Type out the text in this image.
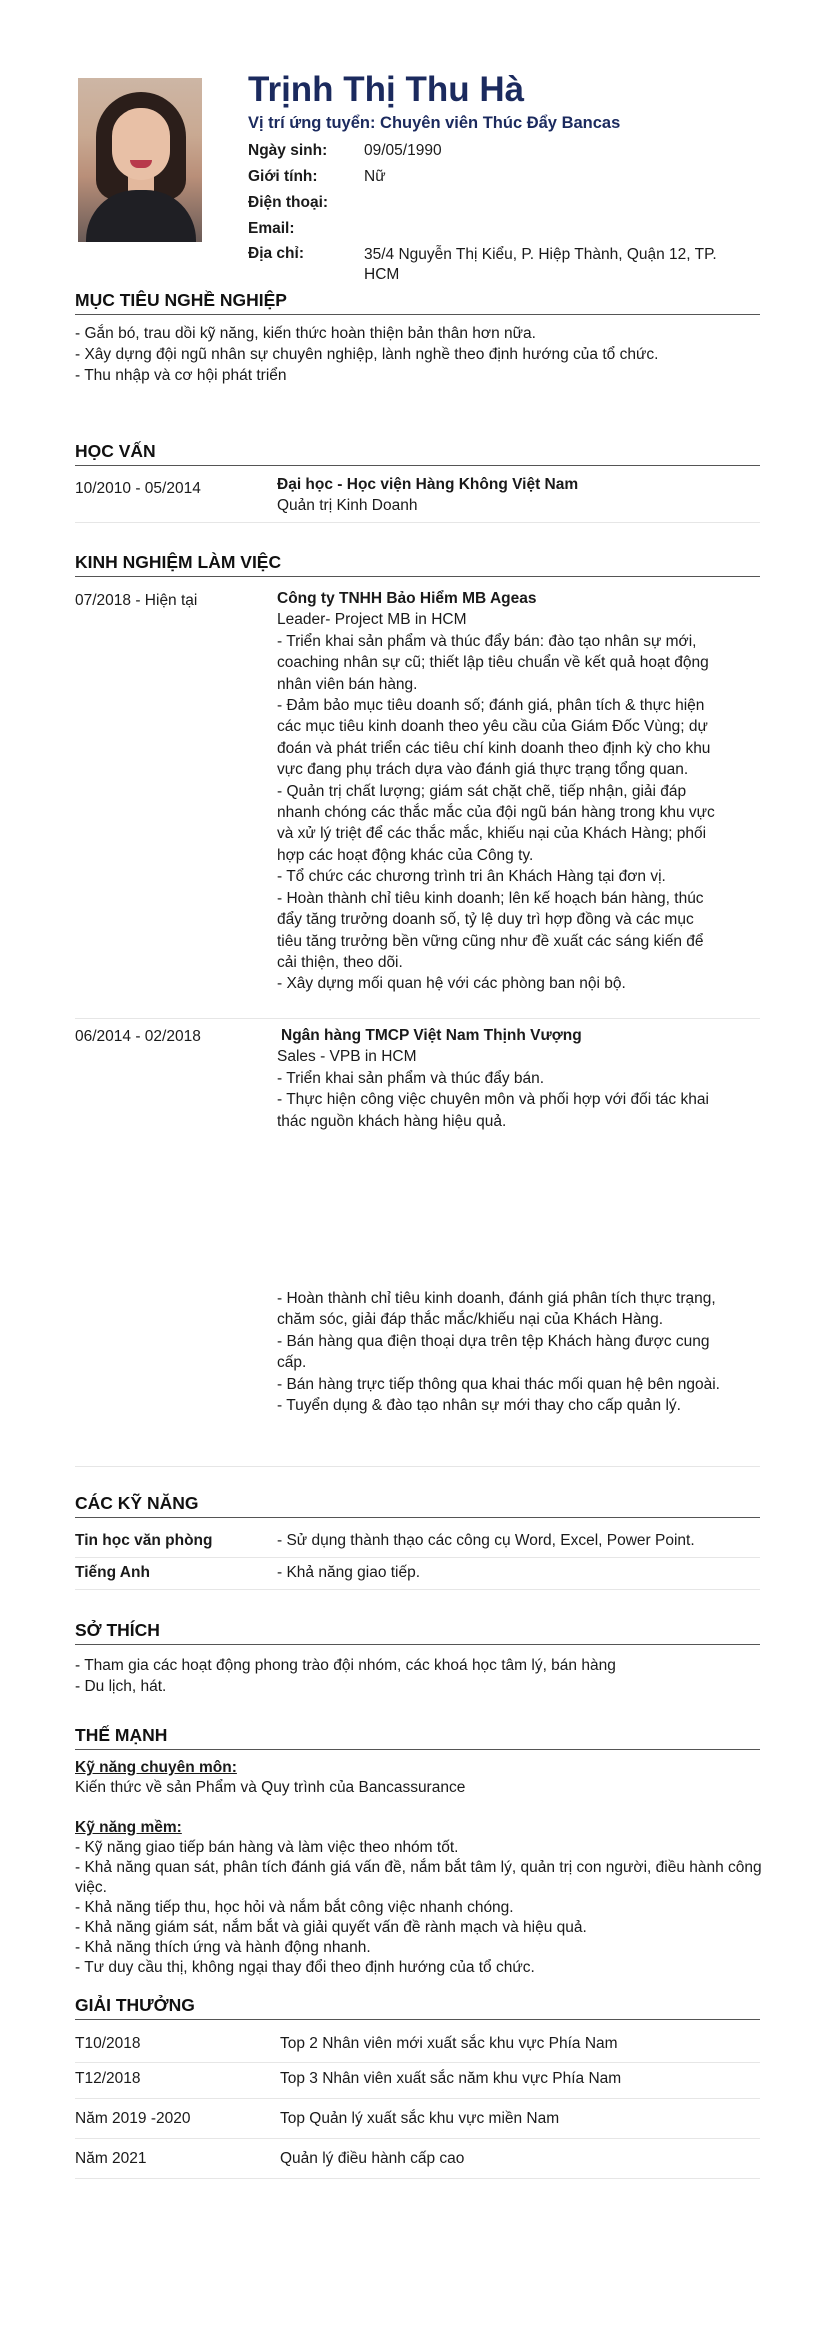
Trịnh Thị Thu Hà
Vị trí ứng tuyển: Chuyên viên Thúc Đẩy Bancas
Ngày sinh: 09/05/1990
Giới tính:	Nữ
Điện thoại:
Email:
Địa chỉ:	35/4 Nguyễn Thị Kiểu, P. Hiệp Thành, Quận 12, TP. HCM
MỤC TIÊU NGHỀ NGHIỆP
- Gắn bó, trau dồi kỹ năng, kiến thức hoàn thiện bản thân hơn nữa.
- Xây dựng đội ngũ nhân sự chuyên nghiệp, lành nghề theo định hướng của tổ chức.
- Thu nhập và cơ hội phát triển
HỌC VẤN
10/2010 - 05/2014	Đại học - Học viện Hàng Không Việt Nam
Quản trị Kinh Doanh
KINH NGHIỆM LÀM VIỆC
07/2018 - Hiện tại	Công ty TNHH Bảo Hiểm MB Ageas
Leader- Project MB in HCM
- Triển khai sản phẩm và thúc đẩy bán: đào tạo nhân sự mới, coaching nhân sự cũ; thiết lập tiêu chuẩn về kết quả hoạt động nhân viên bán hàng.
- Đảm bảo mục tiêu doanh số; đánh giá, phân tích & thực hiện các mục tiêu kinh doanh theo yêu cầu của Giám Đốc Vùng; dự đoán và phát triển các tiêu chí kinh doanh theo định kỳ cho khu vực đang phụ trách dựa vào đánh giá thực trạng tổng quan.
- Quản trị chất lượng; giám sát chặt chẽ, tiếp nhận, giải đáp nhanh chóng các thắc mắc của đội ngũ bán hàng trong khu vực và xử lý triệt để các thắc mắc, khiếu nại của Khách Hàng; phối hợp các hoạt động khác của Công ty.
- Tổ chức các chương trình tri ân Khách Hàng tại đơn vị.
- Hoàn thành chỉ tiêu kinh doanh; lên kế hoạch bán hàng, thúc đẩy tăng trưởng doanh số, tỷ lệ duy trì hợp đồng và các mục tiêu tăng trưởng bền vững cũng như đề xuất các sáng kiến để cải thiện, theo dõi.
- Xây dựng mối quan hệ với các phòng ban nội bộ.
06/2014 - 02/2018	Ngân hàng TMCP Việt Nam Thịnh Vượng
Sales - VPB in HCM
- Triển khai sản phẩm và thúc đẩy bán.
- Thực hiện công việc chuyên môn và phối hợp với đối tác khai thác nguồn khách hàng hiệu quả.
- Hoàn thành chỉ tiêu kinh doanh, đánh giá phân tích thực trạng, chăm sóc, giải đáp thắc mắc/khiếu nại của Khách Hàng.
- Bán hàng qua điện thoại dựa trên tệp Khách hàng được cung cấp.
- Bán hàng trực tiếp thông qua khai thác mối quan hệ bên ngoài.
- Tuyển dụng & đào tạo nhân sự mới thay cho cấp quản lý.
CÁC KỸ NĂNG
Tin học văn phòng	- Sử dụng thành thạo các công cụ Word, Excel, Power Point.
Tiếng Anh	- Khả năng giao tiếp.
SỞ THÍCH
- Tham gia các hoạt động phong trào đội nhóm, các khoá học tâm lý, bán hàng
- Du lịch, hát.
THẾ MẠNH
Kỹ năng chuyên môn:
Kiến thức về sản Phẩm và Quy trình của Bancassurance
Kỹ năng mềm:
- Kỹ năng giao tiếp bán hàng và làm việc theo nhóm tốt.
- Khả năng quan sát, phân tích đánh giá vấn đề, nắm bắt tâm lý, quản trị con người, điều hành công việc.
- Khả năng tiếp thu, học hỏi và nắm bắt công việc nhanh chóng.
- Khả năng giám sát, nắm bắt và giải quyết vấn đề rành mạch và hiệu quả.
- Khả năng thích ứng và hành động nhanh.
- Tư duy cầu thị, không ngại thay đổi theo định hướng của tổ chức.
GIẢI THƯỞNG
T10/2018	Top 2 Nhân viên mới xuất sắc khu vực Phía Nam
T12/2018	Top 3 Nhân viên xuất sắc năm khu vực Phía Nam
Năm 2019 -2020	Top Quản lý xuất sắc khu vực miền Nam
Năm 2021	Quản lý điều hành cấp cao
